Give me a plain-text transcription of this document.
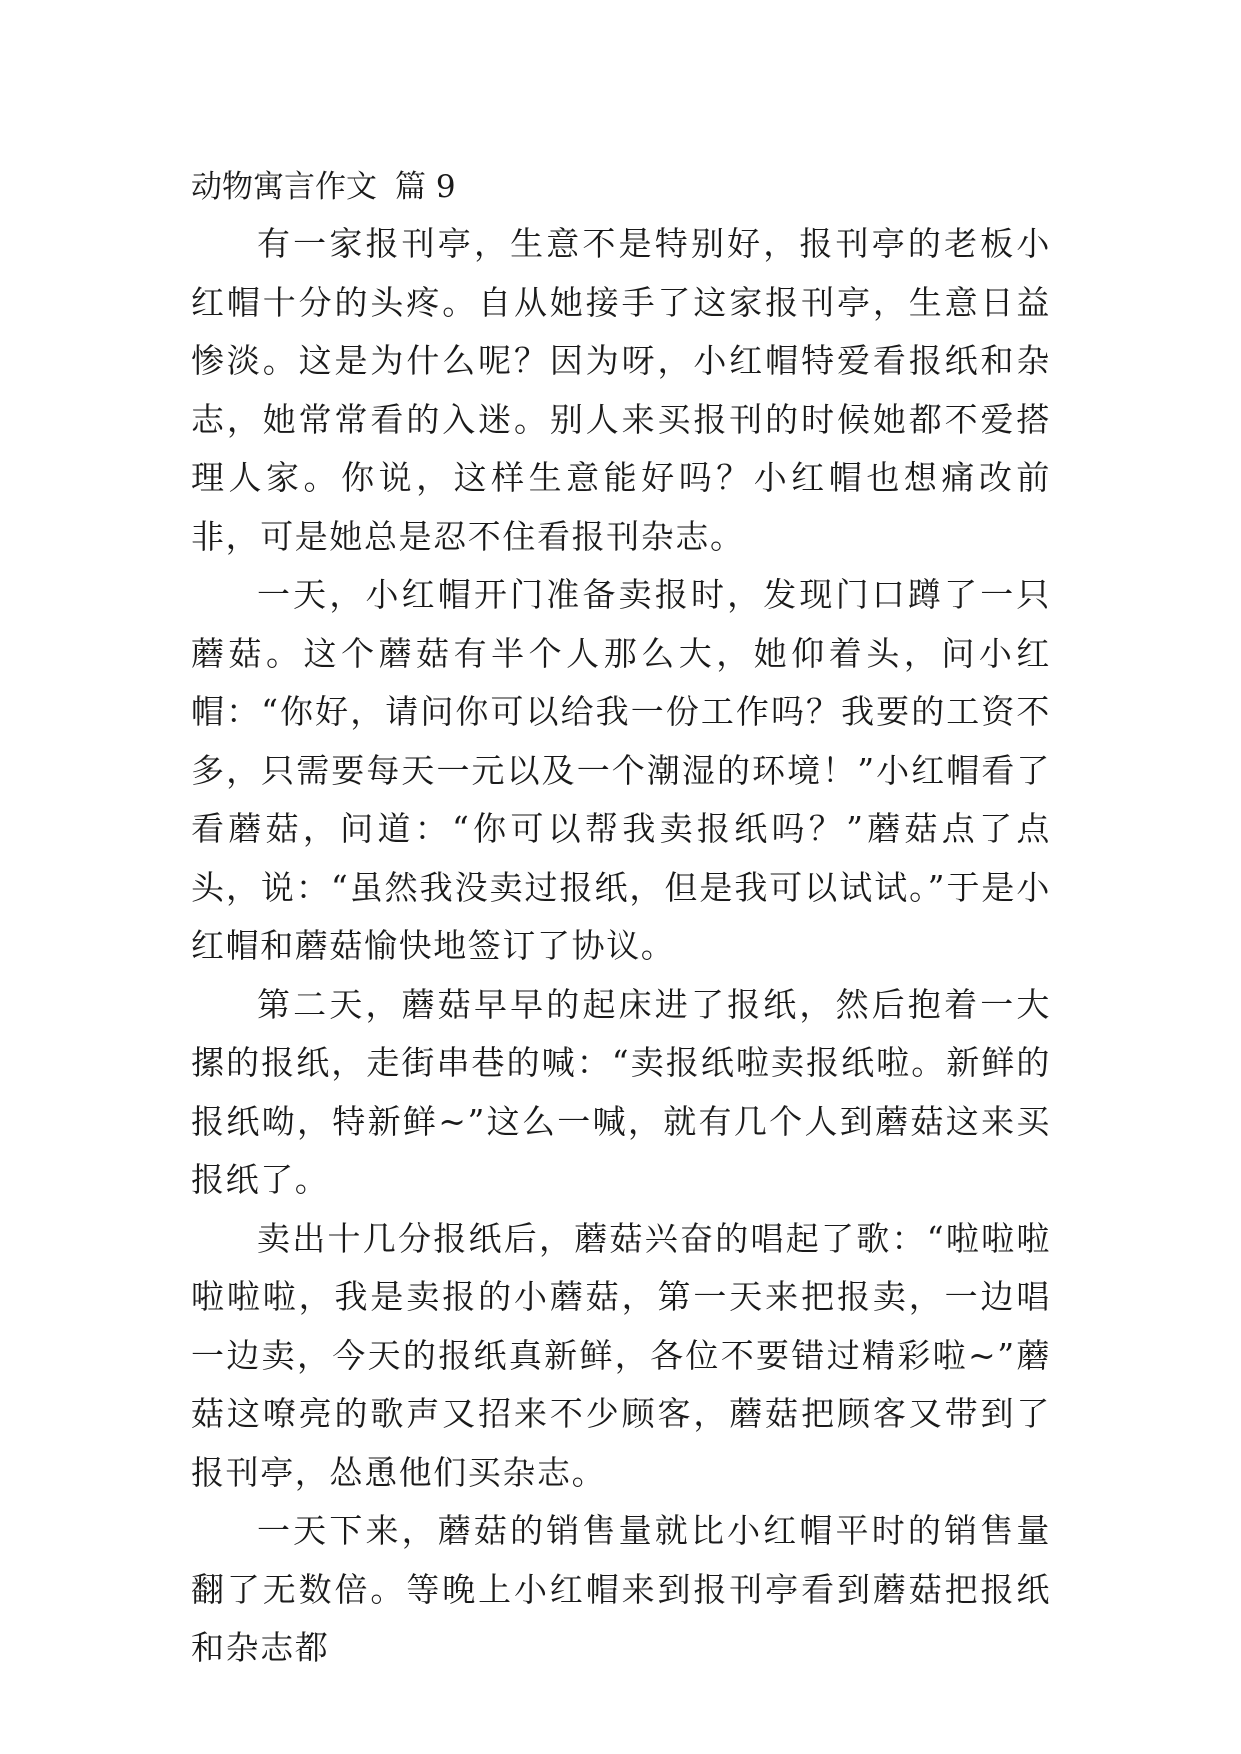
动物寓言作文 篇 9

有一家报刊亭，生意不是特别好，报刊亭的老板小红帽十分的头疼。自从她接手了这家报刊亭，生意日益惨淡。这是为什么呢？因为呀，小红帽特爱看报纸和杂志，她常常看的入迷。别人来买报刊的时候她都不爱搭理人家。你说，这样生意能好吗？小红帽也想痛改前非，可是她总是忍不住看报刊杂志。

一天，小红帽开门准备卖报时，发现门口蹲了一只蘑菇。这个蘑菇有半个人那么大，她仰着头，问小红帽：“你好，请问你可以给我一份工作吗？我要的工资不多，只需要每天一元以及一个潮湿的环境！”小红帽看了看蘑菇，问道：“你可以帮我卖报纸吗？”蘑菇点了点头，说：“虽然我没卖过报纸，但是我可以试试。”于是小红帽和蘑菇愉快地签订了协议。

第二天，蘑菇早早的起床进了报纸，然后抱着一大摞的报纸，走街串巷的喊：“卖报纸啦卖报纸啦。新鲜的报纸呦，特新鲜~”这么一喊，就有几个人到蘑菇这来买报纸了。

卖出十几分报纸后，蘑菇兴奋的唱起了歌：“啦啦啦啦啦啦，我是卖报的小蘑菇，第一天来把报卖，一边唱一边卖，今天的报纸真新鲜，各位不要错过精彩啦~”蘑菇这嘹亮的歌声又招来不少顾客，蘑菇把顾客又带到了报刊亭，怂恿他们买杂志。

一天下来，蘑菇的销售量就比小红帽平时的销售量翻了无数倍。等晚上小红帽来到报刊亭看到蘑菇把报纸和杂志都
